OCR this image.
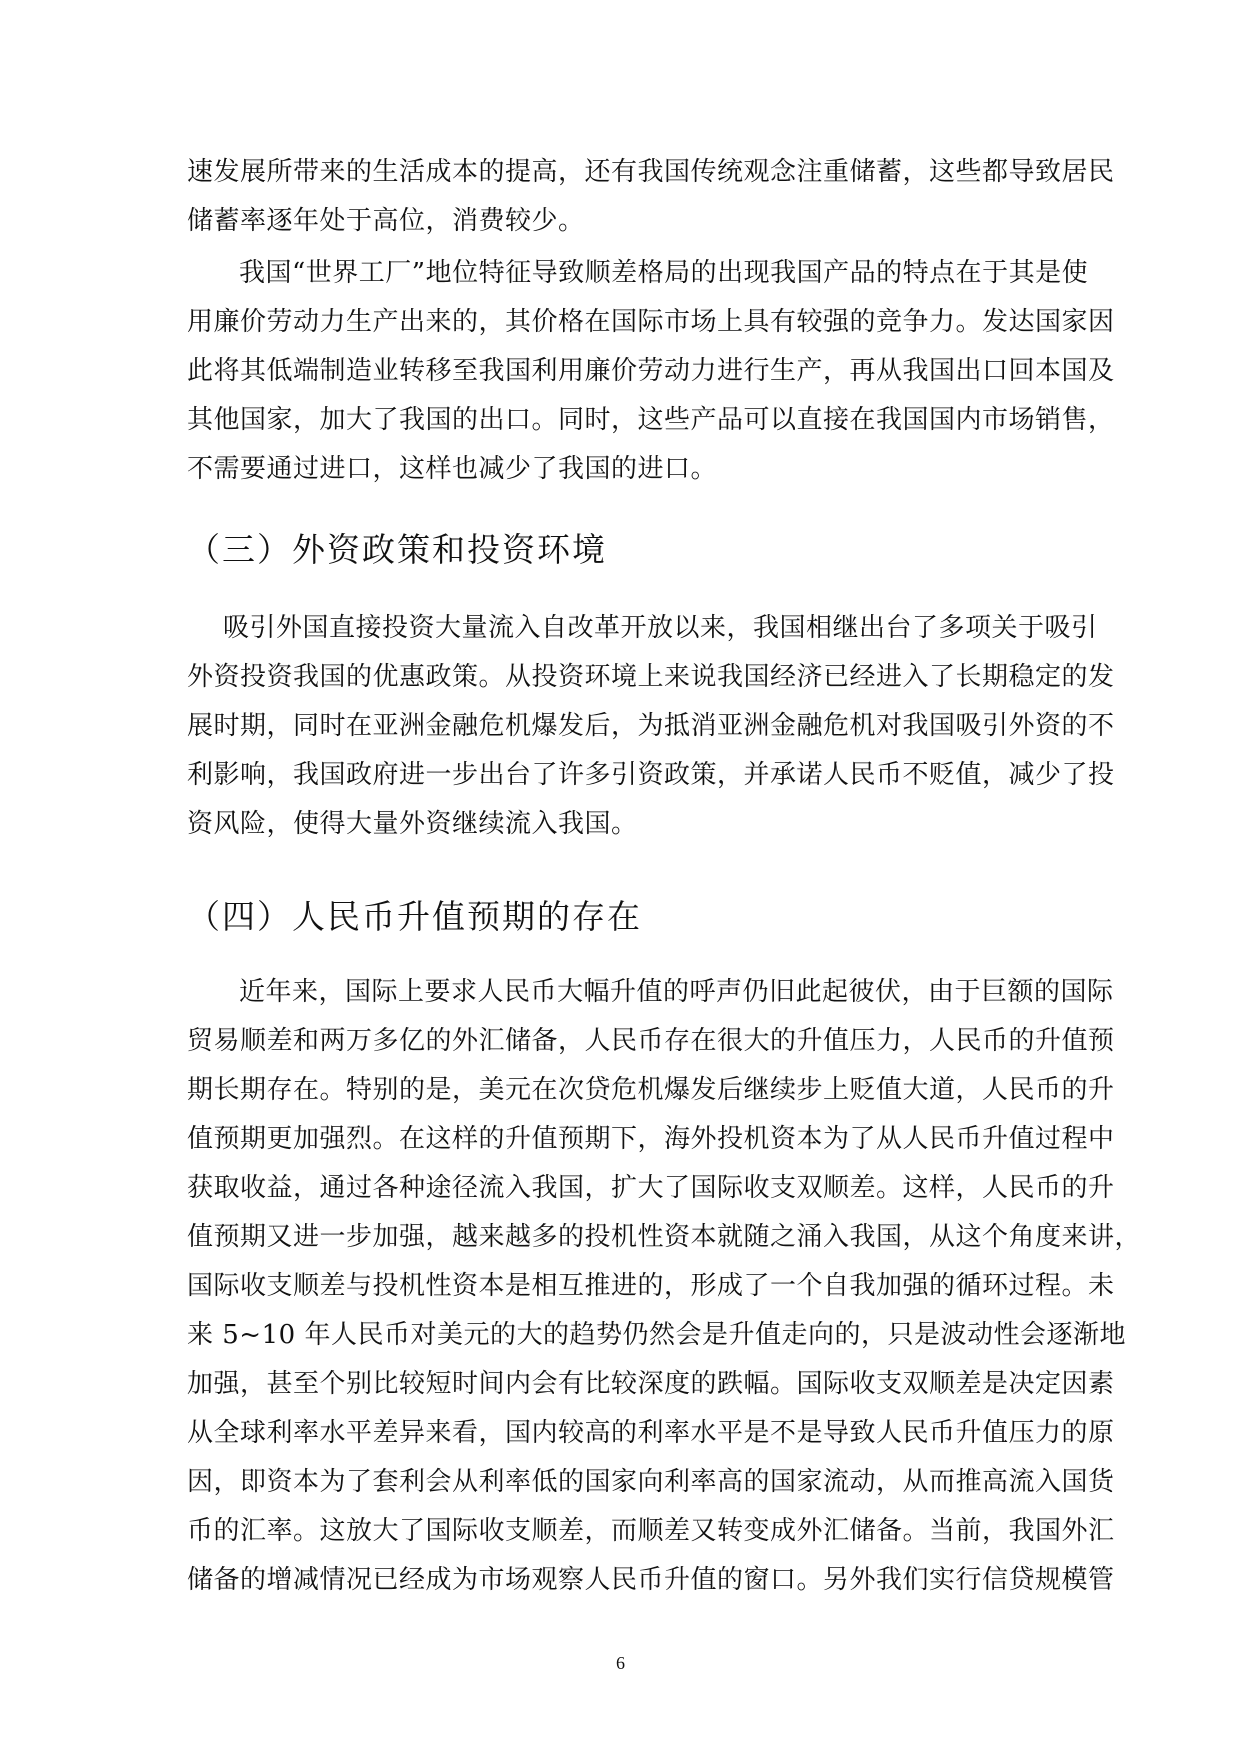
速发展所带来的生活成本的提高，还有我国传统观念注重储蓄，这些都导致居民
储蓄率逐年处于高位，消费较少。
我国“世界工厂”地位特征导致顺差格局的出现我国产品的特点在于其是使
用廉价劳动力生产出来的，其价格在国际市场上具有较强的竞争力。发达国家因
此将其低端制造业转移至我国利用廉价劳动力进行生产，再从我国出口回本国及
其他国家，加大了我国的出口。同时，这些产品可以直接在我国国内市场销售，
不需要通过进口，这样也减少了我国的进口。
（三）外资政策和投资环境
吸引外国直接投资大量流入自改革开放以来，我国相继出台了多项关于吸引
外资投资我国的优惠政策。从投资环境上来说我国经济已经进入了长期稳定的发
展时期，同时在亚洲金融危机爆发后，为抵消亚洲金融危机对我国吸引外资的不
利影响，我国政府进一步出台了许多引资政策，并承诺人民币不贬值，减少了投
资风险，使得大量外资继续流入我国。
（四）人民币升值预期的存在
近年来，国际上要求人民币大幅升值的呼声仍旧此起彼伏，由于巨额的国际
贸易顺差和两万多亿的外汇储备，人民币存在很大的升值压力，人民币的升值预
期长期存在。特别的是，美元在次贷危机爆发后继续步上贬值大道，人民币的升
值预期更加强烈。在这样的升值预期下，海外投机资本为了从人民币升值过程中
获取收益，通过各种途径流入我国，扩大了国际收支双顺差。这样，人民币的升
值预期又进一步加强，越来越多的投机性资本就随之涌入我国，从这个角度来讲，
国际收支顺差与投机性资本是相互推进的，形成了一个自我加强的循环过程。未
来 5~10 年人民币对美元的大的趋势仍然会是升值走向的，只是波动性会逐渐地
加强，甚至个别比较短时间内会有比较深度的跌幅。国际收支双顺差是决定因素
从全球利率水平差异来看，国内较高的利率水平是不是导致人民币升值压力的原
因，即资本为了套利会从利率低的国家向利率高的国家流动，从而推高流入国货
币的汇率。这放大了国际收支顺差，而顺差又转变成外汇储备。当前，我国外汇
储备的增减情况已经成为市场观察人民币升值的窗口。另外我们实行信贷规模管
6
